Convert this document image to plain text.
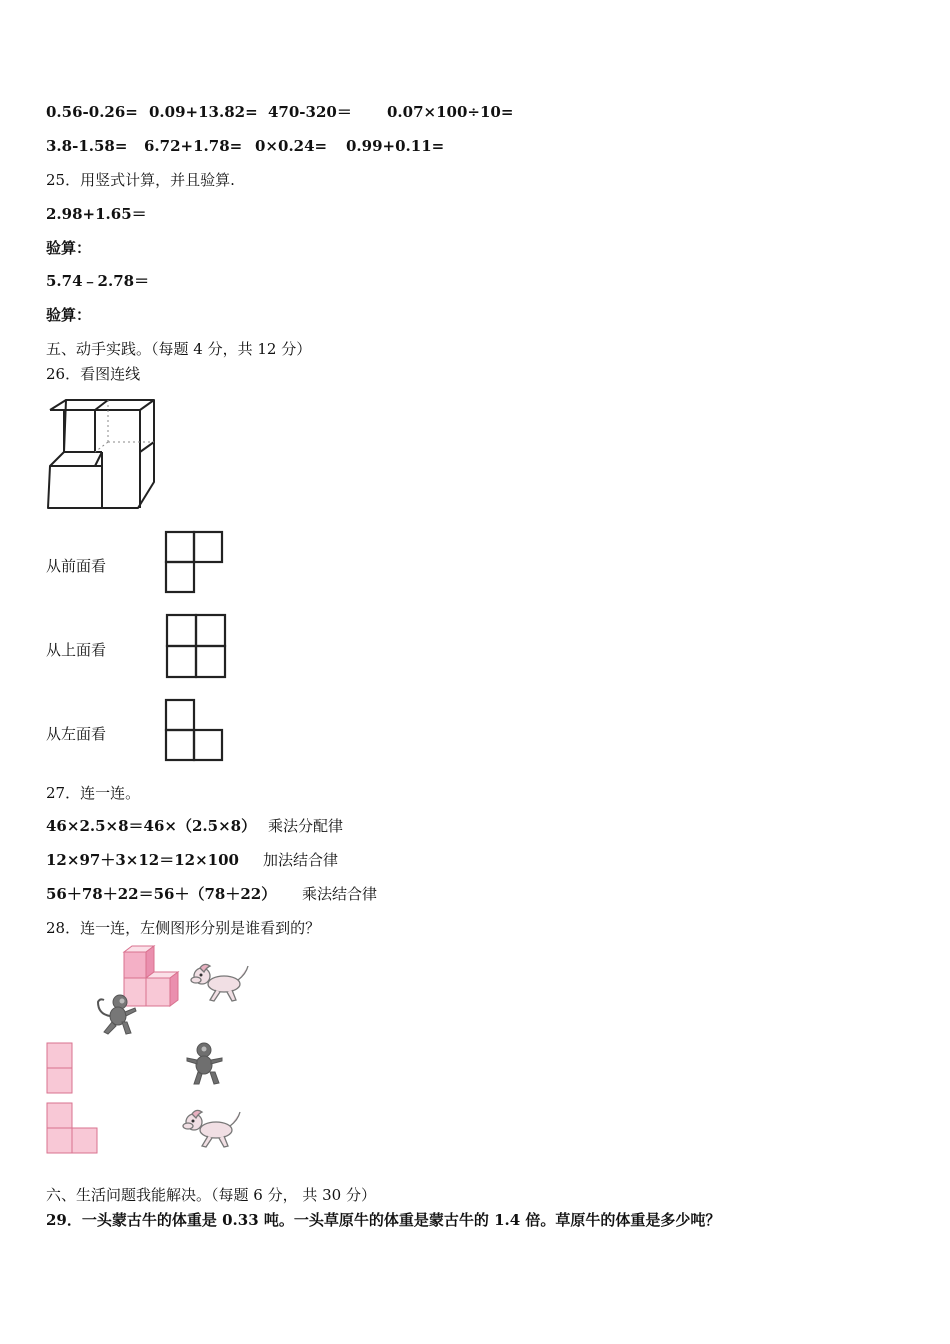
0.56-0.26= 0.09+13.82= 470-320＝ 0.07×100÷10=
3.8-1.58= 6.72+1.78= 0×0.24= 0.99+0.11=
25．用竖式计算，并且验算.
2.98+1.65＝
验算：
5.74﹣2.78＝
验算：
五、动手实践。（每题 4 分，共 12 分）
26．看图连线
从前面看
从上面看
从左面看
27．连一连。
46×2.5×8＝46×（2.5×8） 乘法分配律
12×97＋3×12＝12×100 加法结合律
56＋78＋22＝56＋（78＋22） 乘法结合律
28．连一连，左侧图形分别是谁看到的？
六、生活问题我能解决。（每题 6 分， 共 30 分）
29．一头蒙古牛的体重是 0.33 吨。一头草原牛的体重是蒙古牛的 1.4 倍。草原牛的体重是多少吨？
